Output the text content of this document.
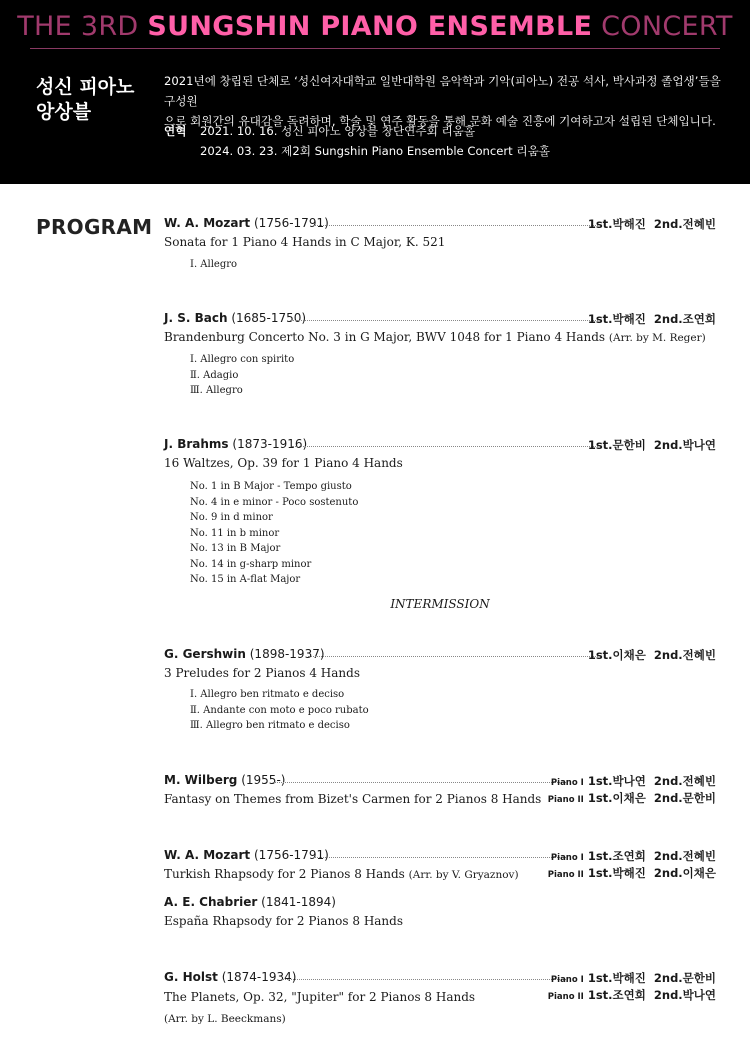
THE 3RD SUNGSHIN PIANO ENSEMBLE CONCERT
성신 피아노
앙상블
2021년에 창립된 단체로 ‘성신여자대학교 일반대학원 음악학과 기악(피아노) 전공 석사, 박사과정 졸업생’들을 구성원
으로 회원간의 유대감을 독려하며, 학술 및 연주 활동을 통해 문화 예술 진흥에 기여하고자 설립된 단체입니다.
연혁 2021. 10. 16. 성신 피아노 앙상블 창단연주회 리움홀
2024. 03. 23. 제2회 Sungshin Piano Ensemble Concert 리움홀
PROGRAM W. A. Mozart (1756-1791)	1st.박해진 2nd.전혜빈
Sonata for 1 Piano 4 Hands in C Major, K. 521
Ⅰ. Allegro
J. S. Bach (1685-1750)	1st.박해진 2nd.조연희
Brandenburg Concerto No. 3 in G Major, BWV 1048 for 1 Piano 4 Hands (Arr. by M. Reger)
Ⅰ. Allegro con spirito
Ⅱ. Adagio
Ⅲ. Allegro
J. Brahms (1873-1916)	1st.문한비 2nd.박나연
16 Waltzes, Op. 39 for 1 Piano 4 Hands
No. 1 in B Major - Tempo giusto
No. 4 in e minor - Poco sostenuto
No. 9 in d minor
No. 11 in b minor
No. 13 in B Major
No. 14 in g-sharp minor
No. 15 in A-flat Major
G. Gershwin (1898-1937)	1st.이채은 2nd.전혜빈
3 Preludes for 2 Pianos 4 Hands
Ⅰ. Allegro ben ritmato e deciso
Ⅱ. Andante con moto e poco rubato
Ⅲ. Allegro ben ritmato e deciso
M. Wilberg (1955-)	Piano I 1st.박나연 2nd.전혜빈
Piano II 1st.이채은 2nd.문한비
Fantasy on Themes from Bizet's Carmen for 2 Pianos 8 Hands
W. A. Mozart (1756-1791)	Piano I 1st.조연희 2nd.전혜빈
Piano II 1st.박해진 2nd.이채은
Turkish Rhapsody for 2 Pianos 8 Hands (Arr. by V. Gryaznov)
A. E. Chabrier (1841-1894)
España Rhapsody for 2 Pianos 8 Hands
G. Holst (1874-1934)	Piano I 1st.박해진 2nd.문한비
Piano II 1st.조연희 2nd.박나연
The Planets, Op. 32, "Jupiter" for 2 Pianos 8 Hands
(Arr. by L. Beeckmans)
INTERMISSION
